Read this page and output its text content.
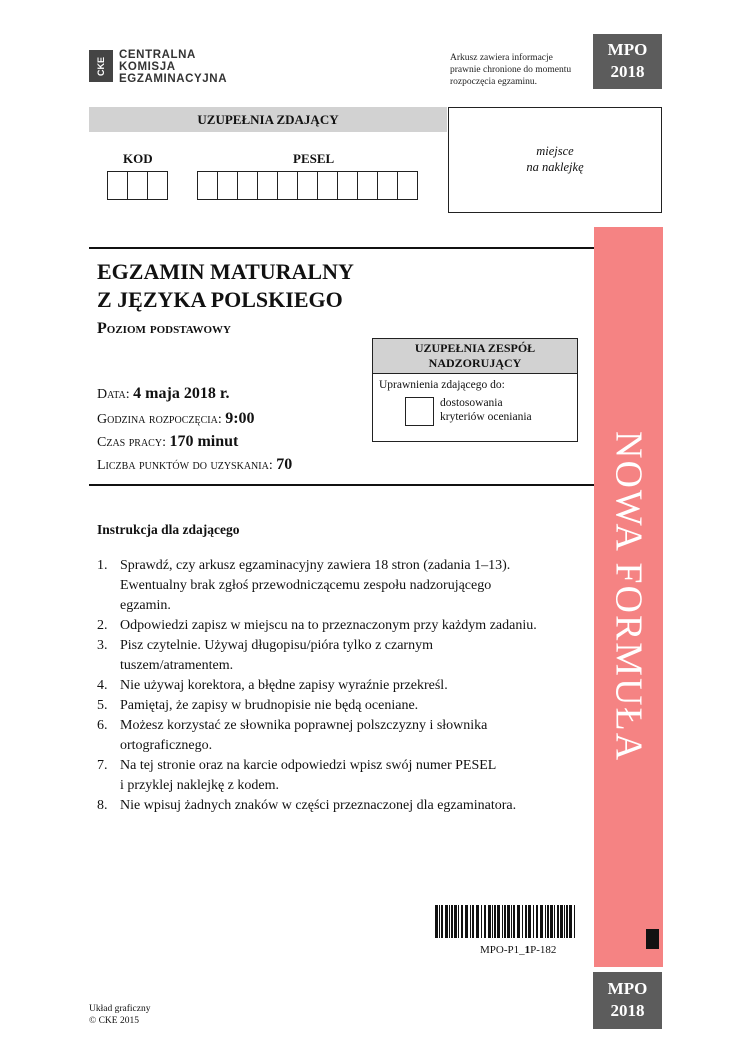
CKE
CENTRALNA
KOMISJA
EGZAMINACYJNA
Arkusz zawiera informacje
prawnie chronione do momentu
rozpoczęcia egzaminu.
MPO
2018
UZUPEŁNIA ZDAJĄCY
miejsce
na naklejkę
KOD	PESEL
EGZAMIN MATURALNY
Z JĘZYKA POLSKIEGO
Poziom podstawowy
UZUPEŁNIA ZESPÓŁ
NADZORUJĄCY
Uprawnienia zdającego do:
dostosowania
kryteriów oceniania
Data: 4 maja 2018 r.
Godzina rozpoczęcia: 9:00
Czas pracy: 170 minut
Liczba punktów do uzyskania: 70	NOWA FORMUŁA
Instrukcja dla zdającego
1. Sprawdź, czy arkusz egzaminacyjny zawiera 18 stron (zadania 1–13).
Ewentualny brak zgłoś przewodniczącemu zespołu nadzorującego
egzamin.
2. Odpowiedzi zapisz w miejscu na to przeznaczonym przy każdym zadaniu.
3. Pisz czytelnie. Używaj długopisu/pióra tylko z czarnym
tuszem/atramentem.
4. Nie używaj korektora, a błędne zapisy wyraźnie przekreśl.
5. Pamiętaj, że zapisy w brudnopisie nie będą oceniane.
6. Możesz korzystać ze słownika poprawnej polszczyzny i słownika
ortograficznego.
7. Na tej stronie oraz na karcie odpowiedzi wpisz swój numer PESEL
i przyklej naklejkę z kodem.
8. Nie wpisuj żadnych znaków w części przeznaczonej dla egzaminatora.
MPO-P1_1P-182
Układ graficzny
© CKE 2015
MPO
2018
